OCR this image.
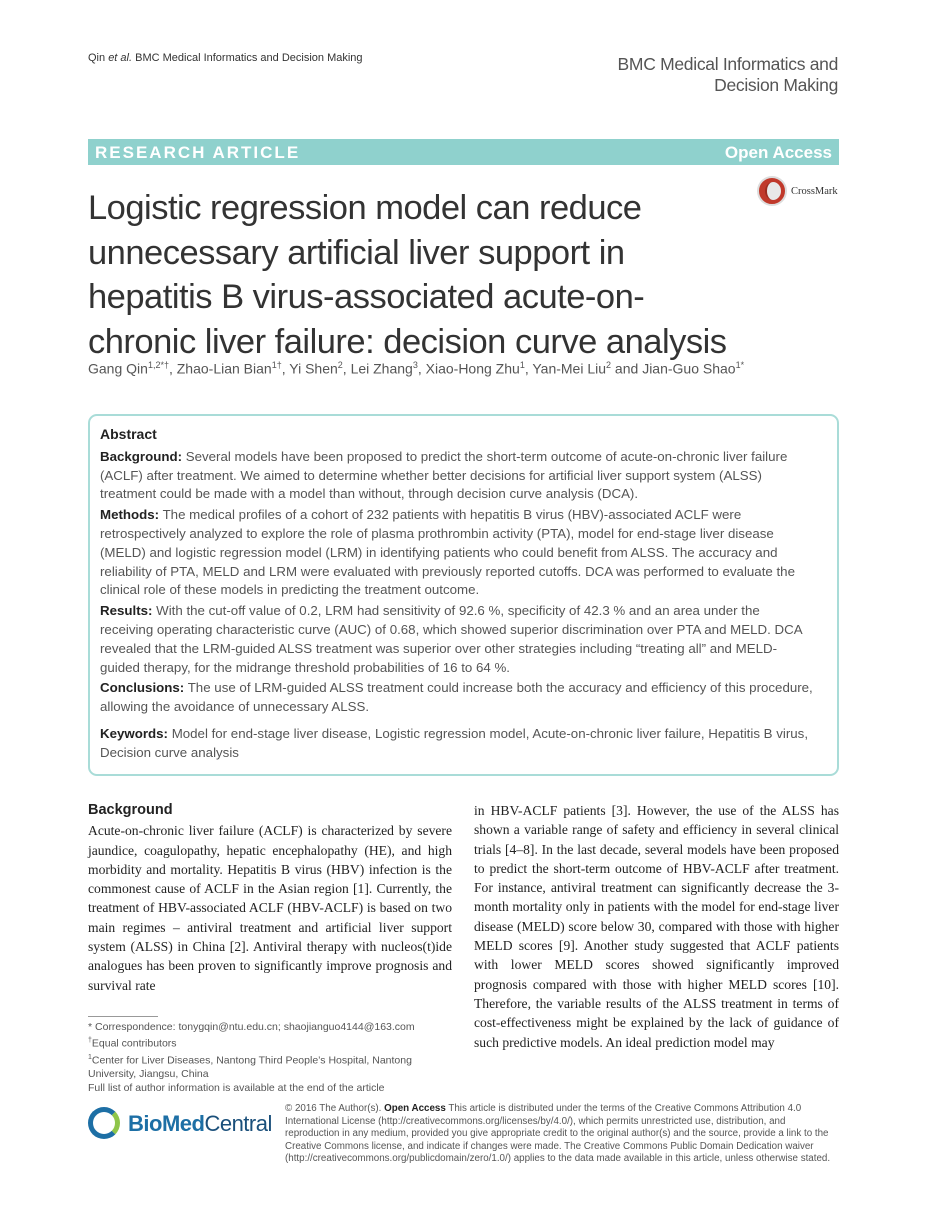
Qin et al. BMC Medical Informatics and Decision Making	BMC Medical Informatics and
Decision Making
RESEARCH ARTICLE	Open Access
Logistic regression model can reduce unnecessary artificial liver support in hepatitis B virus-associated acute-on-chronic liver failure: decision curve analysis
CrossMark
Gang Qin$^{1,2*\dagger}$, Zhao-Lian Bian$^{1\dagger}$, Yi Shen$^2$, Lei Zhang$^3$, Xiao-Hong Zhu$^1$, Yan-Mei Liu$^2$ and Jian-Guo Shao$^{1*}$
Abstract

Background: Several models have been proposed to predict the short-term outcome of acute-on-chronic liver failure (ACLF) after treatment. We aimed to determine whether better decisions for artificial liver support system (ALSS) treatment could be made with a model than without, through decision curve analysis (DCA).

Methods: The medical profiles of a cohort of 232 patients with hepatitis B virus (HBV)-associated ACLF were retrospectively analyzed to explore the role of plasma prothrombin activity (PTA), model for end-stage liver disease (MELD) and logistic regression model (LRM) in identifying patients who could benefit from ALSS. The accuracy and reliability of PTA, MELD and LRM were evaluated with previously reported cutoffs. DCA was performed to evaluate the clinical role of these models in predicting the treatment outcome.

Results: With the cut-off value of 0.2, LRM had sensitivity of 92.6 %, specificity of 42.3 % and an area under the receiving operating characteristic curve (AUC) of 0.68, which showed superior discrimination over PTA and MELD. DCA revealed that the LRM-guided ALSS treatment was superior over other strategies including “treating all” and MELD-guided therapy, for the midrange threshold probabilities of 16 to 64 %.

Conclusions: The use of LRM-guided ALSS treatment could increase both the accuracy and efficiency of this procedure, allowing the avoidance of unnecessary ALSS.

Keywords: Model for end-stage liver disease, Logistic regression model, Acute-on-chronic liver failure, Hepatitis B virus, Decision curve analysis

Background
Acute-on-chronic liver failure (ACLF) is characterized by severe jaundice, coagulopathy, hepatic encephalopathy (HE), and high morbidity and mortality. Hepatitis B virus (HBV) infection is the commonest cause of ACLF in the Asian region [1]. Currently, the treatment of HBV-associated ACLF (HBV-ACLF) is based on two main regimes – antiviral treatment and artificial liver support system (ALSS) in China [2]. Antiviral therapy with nucleos(t)ide analogues has been proven to significantly improve prognosis and survival rate
in HBV-ACLF patients [3]. However, the use of the ALSS has shown a variable range of safety and efficiency in several clinical trials [4–8]. In the last decade, several models have been proposed to predict the short-term outcome of HBV-ACLF after treatment. For instance, antiviral treatment can significantly decrease the 3-month mortality only in patients with the model for end-stage liver disease (MELD) score below 30, compared with those with higher MELD scores [9]. Another study suggested that ACLF patients with lower MELD scores showed significantly improved prognosis compared with those with higher MELD scores [10]. Therefore, the variable results of the ALSS treatment in terms of cost-effectiveness might be explained by the lack of guidance of such predictive models. An ideal prediction model may
* Correspondence: tonygqin@ntu.edu.cn; shaojianguo4144@163.com
†Equal contributors
$^1$Center for Liver Diseases, Nantong Third People’s Hospital, Nantong University, Jiangsu, China
Full list of author information is available at the end of the article
BioMedCentral
© 2016 The Author(s). Open Access This article is distributed under the terms of the Creative Commons Attribution 4.0 International License (http://creativecommons.org/licenses/by/4.0/), which permits unrestricted use, distribution, and reproduction in any medium, provided you give appropriate credit to the original author(s) and the source, provide a link to the Creative Commons license, and indicate if changes were made. The Creative Commons Public Domain Dedication waiver (http://creativecommons.org/publicdomain/zero/1.0/) applies to the data made available in this article, unless otherwise stated.
